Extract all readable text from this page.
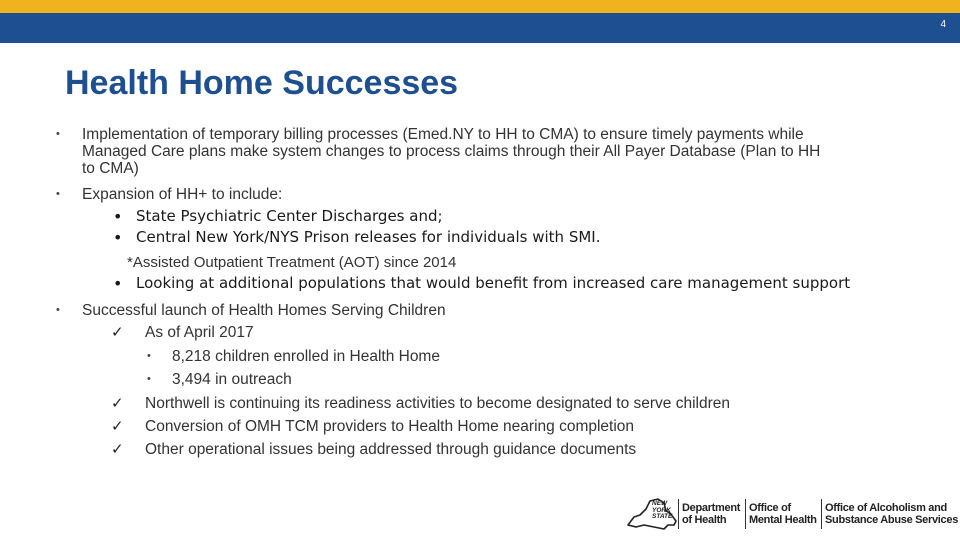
4
Health Home Successes
• Implementation of temporary billing processes (Emed.NY to HH to CMA) to ensure timely payments while
Managed Care plans make system changes to process claims through their All Payer Database (Plan to HH
to CMA)
• Expansion of HH+ to include:
• State Psychiatric Center Discharges and;
• Central New York/NYS Prison releases for individuals with SMI.
*Assisted Outpatient Treatment (AOT) since 2014
• Looking at additional populations that would benefit from increased care management support
• Successful launch of Health Homes Serving Children
✓ As of April 2017
• 8,218 children enrolled in Health Home
• 3,494 in outreach
✓ Northwell is continuing its readiness activities to become designated to serve children
✓ Conversion of OMH TCM providers to Health Home nearing completion
✓ Other operational issues being addressed through guidance documents
NEW
YORK
STATE
Department
of Health
Office of
Mental Health
Office of Alcoholism and
Substance Abuse Services
